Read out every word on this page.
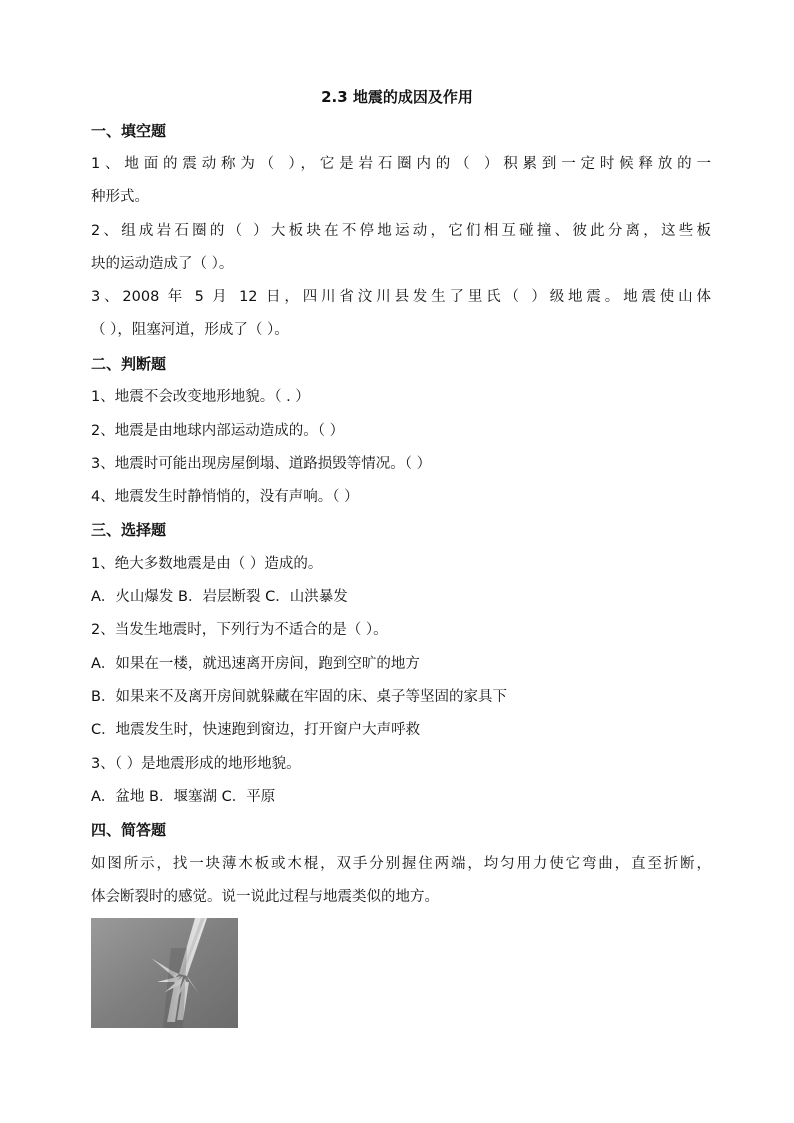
2.3 地震的成因及作用
一、填空题
1、地面的震动称为（ ），它是岩石圈内的（ ）积累到一定时候释放的一
种形式。
2、组成岩石圈的（ ）大板块在不停地运动，它们相互碰撞、彼此分离，这些板
块的运动造成了（ ）。
3、2008 年 5 月 12 日，四川省汶川县发生了里氏（ ）级地震。地震使山体
（ ），阻塞河道，形成了（ ）。
二、判断题
1、地震不会改变地形地貌。（ . ）
2、地震是由地球内部运动造成的。（ ）
3、地震时可能出现房屋倒塌、道路损毁等情况。（ ）
4、地震发生时静悄悄的，没有声响。（ ）
三、选择题
1、绝大多数地震是由（ ）造成的。
A．火山爆发 B．岩层断裂 C．山洪暴发
2、当发生地震时，下列行为不适合的是（ ）。
A．如果在一楼，就迅速离开房间，跑到空旷的地方
B．如果来不及离开房间就躲藏在牢固的床、桌子等坚固的家具下
C．地震发生时，快速跑到窗边，打开窗户大声呼救
3、（ ）是地震形成的地形地貌。
A．盆地 B．堰塞湖 C．平原
四、简答题
如图所示，找一块薄木板或木棍，双手分别握住两端，均匀用力使它弯曲，直至折断，
体会断裂时的感觉。说一说此过程与地震类似的地方。
